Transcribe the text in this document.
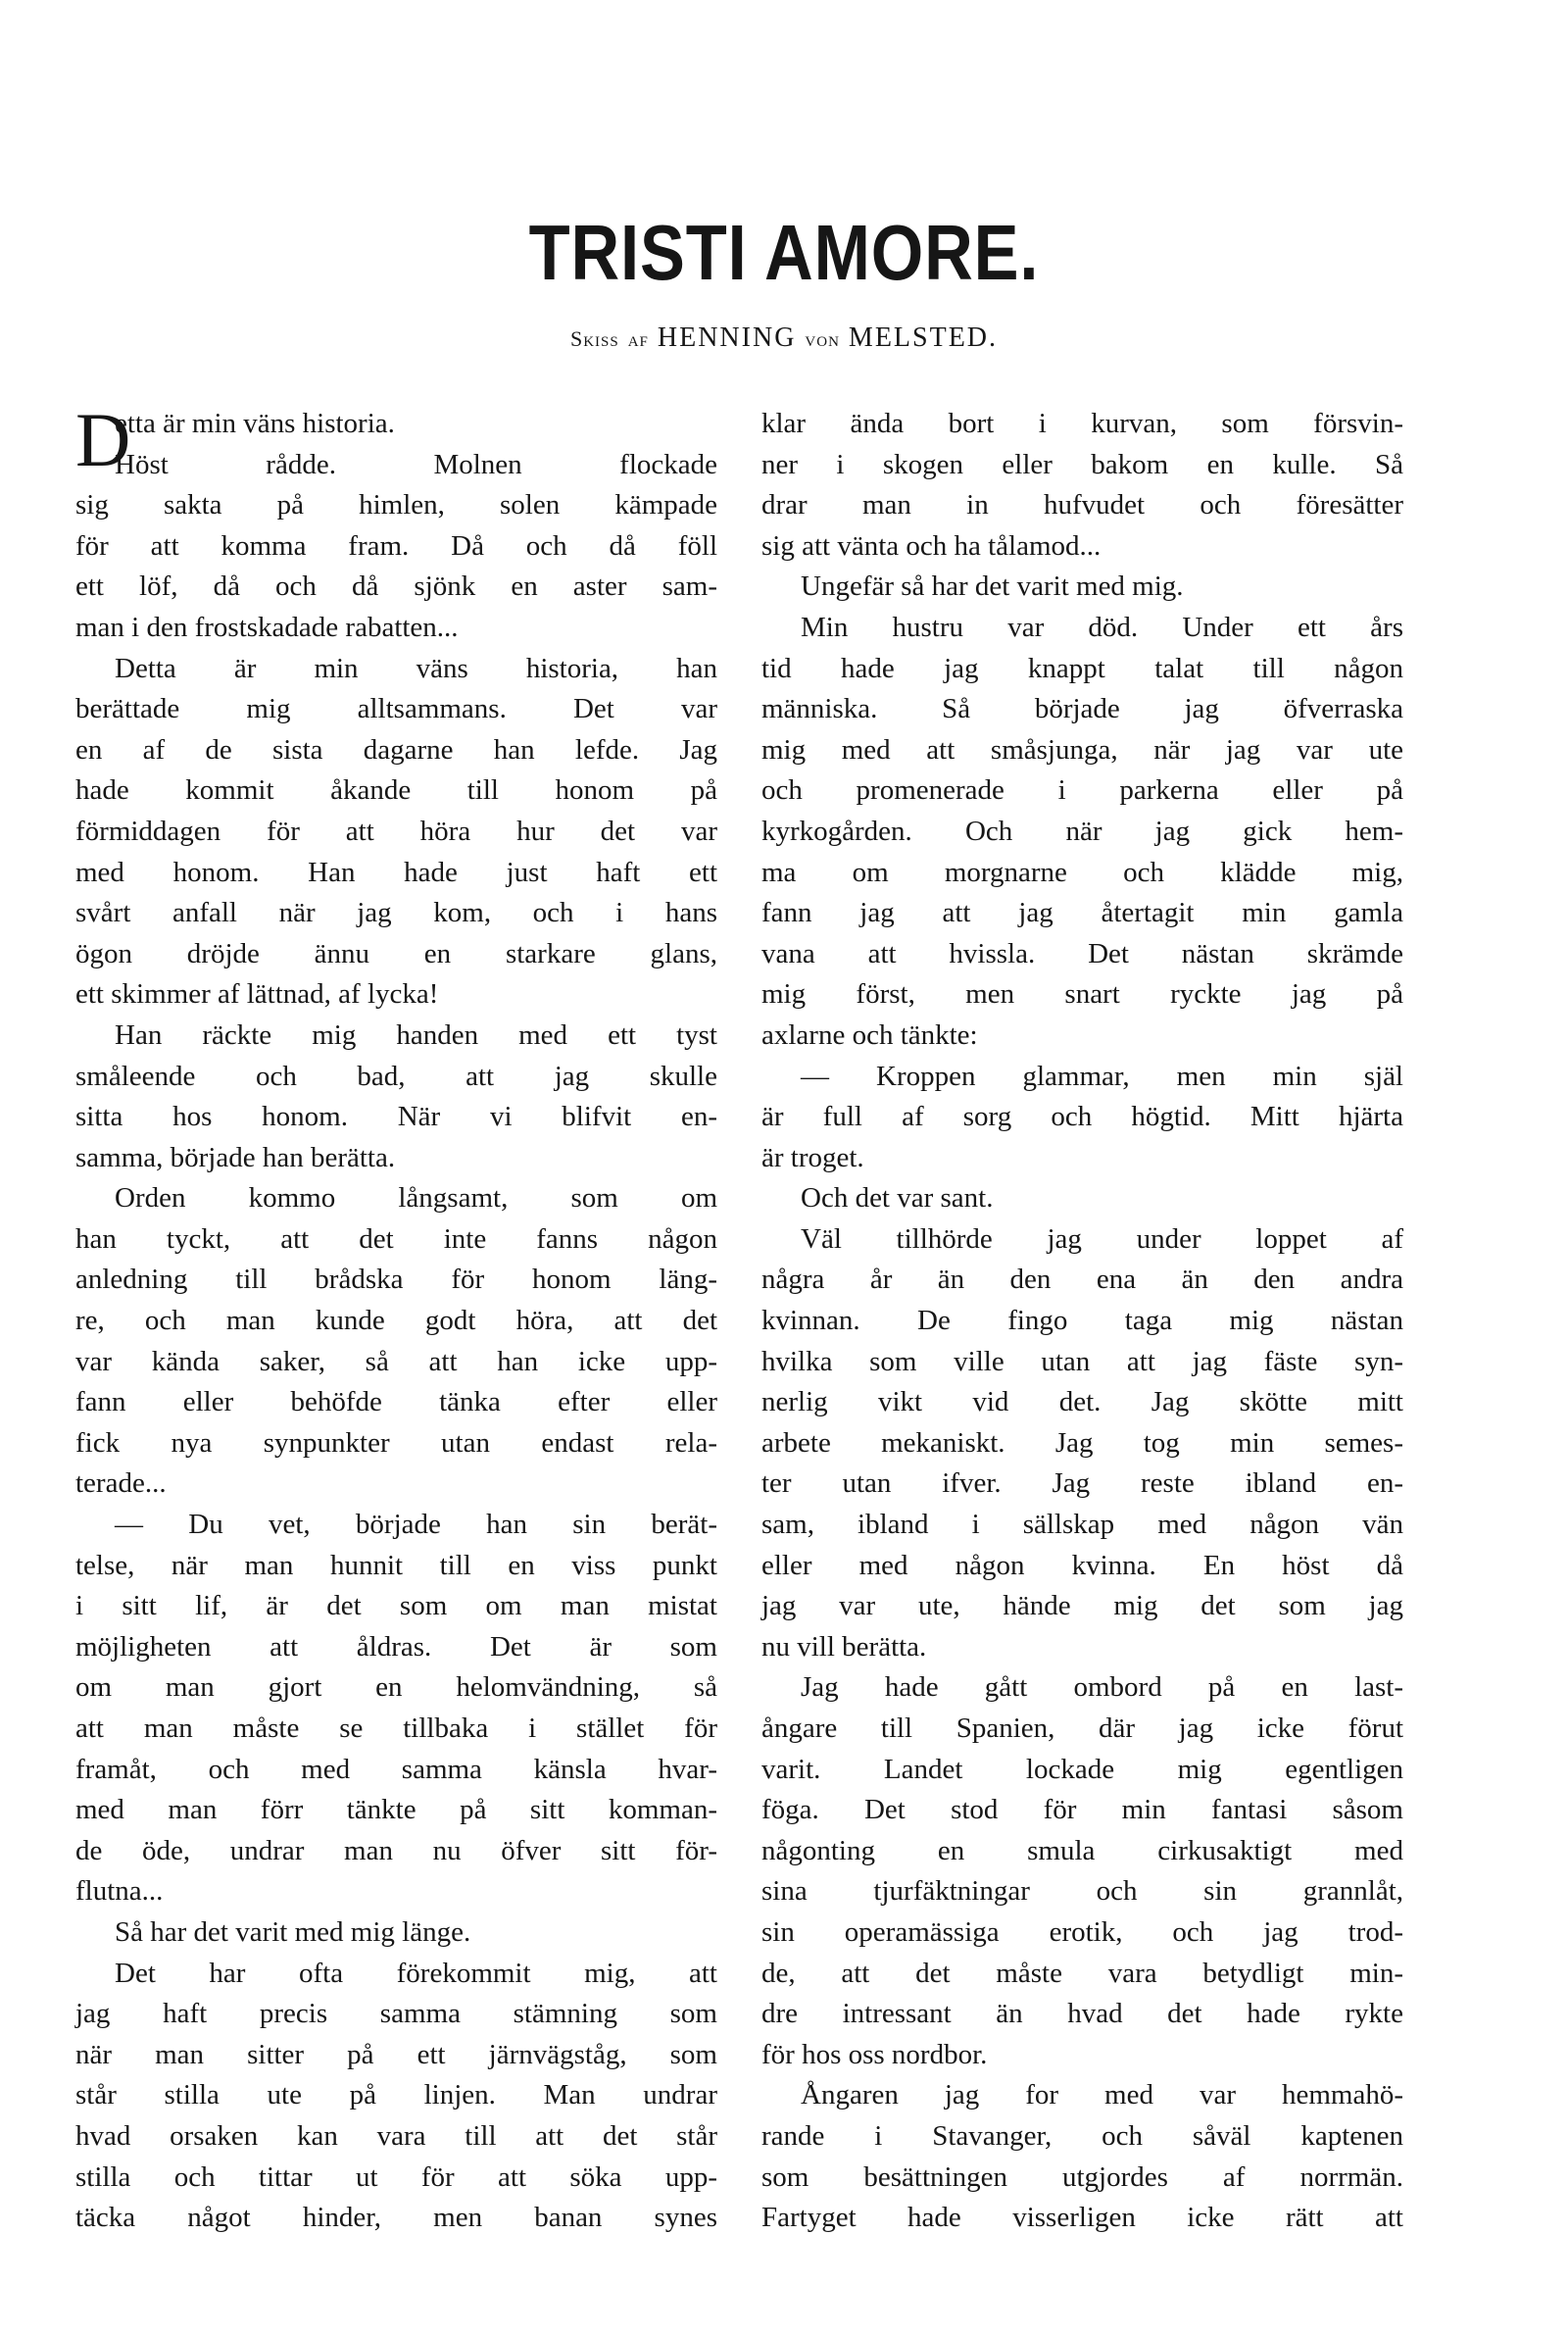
TRISTI AMORE.

Skiss af HENNING von MELSTED.

D
etta är min väns historia.
Höst rådde. Molnen flockade
sig sakta på himlen, solen kämpade
för att komma fram. Då och då föll
ett löf, då och då sjönk en aster sam-
man i den frostskadade rabatten...
Detta är min väns historia, han
berättade mig alltsammans. Det var
en af de sista dagarne han lefde. Jag
hade kommit åkande till honom på
förmiddagen för att höra hur det var
med honom. Han hade just haft ett
svårt anfall när jag kom, och i hans
ögon dröjde ännu en starkare glans,
ett skimmer af lättnad, af lycka!
Han räckte mig handen med ett tyst
småleende och bad, att jag skulle
sitta hos honom. När vi blifvit en-
samma, började han berätta.
Orden kommo långsamt, som om
han tyckt, att det inte fanns någon
anledning till brådska för honom läng-
re, och man kunde godt höra, att det
var kända saker, så att han icke upp-
fann eller behöfde tänka efter eller
fick nya synpunkter utan endast rela-
terade...
— Du vet, började han sin berät-
telse, när man hunnit till en viss punkt
i sitt lif, är det som om man mistat
möjligheten att åldras. Det är som
om man gjort en helomvändning, så
att man måste se tillbaka i stället för
framåt, och med samma känsla hvar-
med man förr tänkte på sitt komman-
de öde, undrar man nu öfver sitt för-
flutna...
Så har det varit med mig länge.
Det har ofta förekommit mig, att
jag haft precis samma stämning som
när man sitter på ett järnvägståg, som
står stilla ute på linjen. Man undrar
hvad orsaken kan vara till att det står
stilla och tittar ut för att söka upp-
täcka något hinder, men banan synes
klar ända bort i kurvan, som försvin-
ner i skogen eller bakom en kulle. Så
drar man in hufvudet och föresätter
sig att vänta och ha tålamod...
Ungefär så har det varit med mig.
Min hustru var död. Under ett års
tid hade jag knappt talat till någon
människa. Så började jag öfverraska
mig med att småsjunga, när jag var ute
och promenerade i parkerna eller på
kyrkogården. Och när jag gick hem-
ma om morgnarne och klädde mig,
fann jag att jag återtagit min gamla
vana att hvissla. Det nästan skrämde
mig först, men snart ryckte jag på
axlarne och tänkte:
— Kroppen glammar, men min själ
är full af sorg och högtid. Mitt hjärta
är troget.
Och det var sant.
Väl tillhörde jag under loppet af
några år än den ena än den andra
kvinnan. De fingo taga mig nästan
hvilka som ville utan att jag fäste syn-
nerlig vikt vid det. Jag skötte mitt
arbete mekaniskt. Jag tog min semes-
ter utan ifver. Jag reste ibland en-
sam, ibland i sällskap med någon vän
eller med någon kvinna. En höst då
jag var ute, hände mig det som jag
nu vill berätta.
Jag hade gått ombord på en last-
ångare till Spanien, där jag icke förut
varit. Landet lockade mig egentligen
föga. Det stod för min fantasi såsom
någonting en smula cirkusaktigt med
sina tjurfäktningar och sin grannlåt,
sin operamässiga erotik, och jag trod-
de, att det måste vara betydligt min-
dre intressant än hvad det hade rykte
för hos oss nordbor.
Ångaren jag for med var hemmahö-
rande i Stavanger, och såväl kaptenen
som besättningen utgjordes af norrmän.
Fartyget hade visserligen icke rätt att
